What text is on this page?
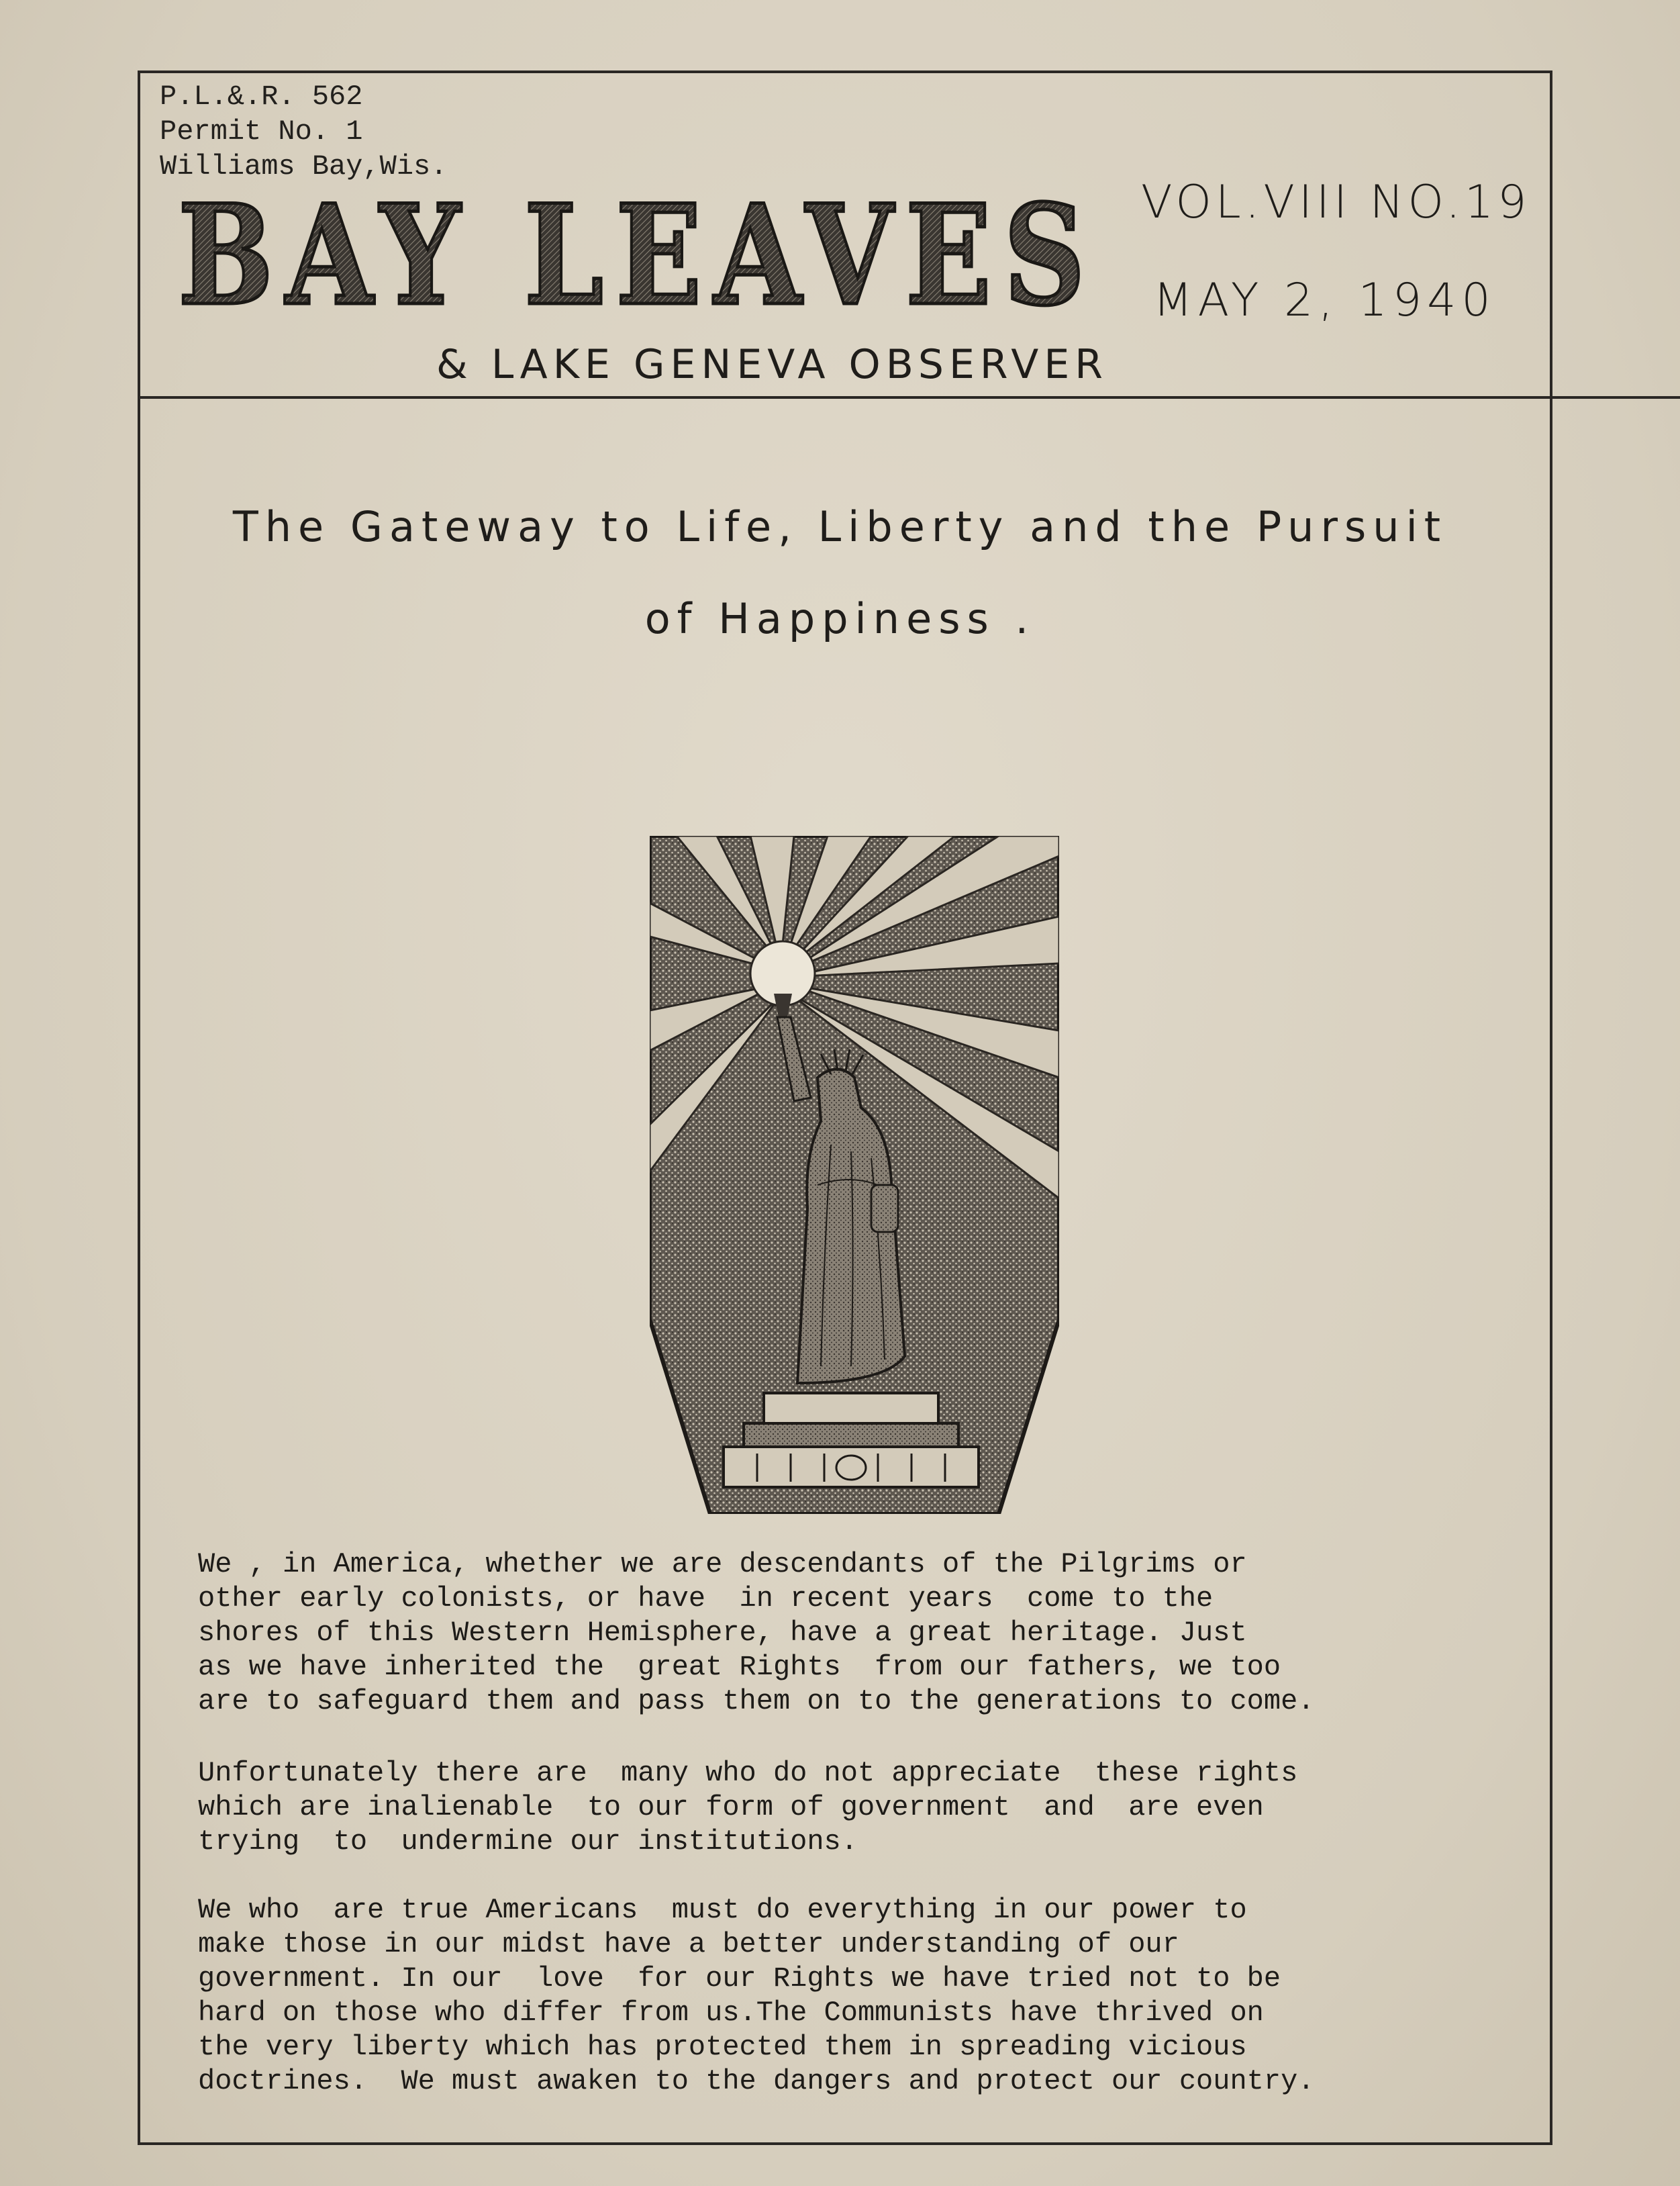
P.L.&.R. 562
Permit No. 1
Williams Bay,Wis.
BAY LEAVES VOL.VIII NO.19
MAY 2, 1940
& LAKE GENEVA OBSERVER
The Gateway to Life, Liberty and the Pursuit
of Happiness .

We , in America, whether we are descendants of the Pilgrims or

other early colonists, or have  in recent years  come to the

shores of this Western Hemisphere, have a great heritage. Just

as we have inherited the  great Rights  from our fathers, we too

are to safeguard them and pass them on to the generations to come.

Unfortunately there are  many who do not appreciate  these rights

which are inalienable  to our form of government  and  are even

trying  to  undermine our institutions.

We who  are true Americans  must do everything in our power to

make those in our midst have a better understanding of our

government. In our  love  for our Rights we have tried not to be

hard on those who differ from us.The Communists have thrived on

the very liberty which has protected them in spreading vicious

doctrines.  We must awaken to the dangers and protect our country.
